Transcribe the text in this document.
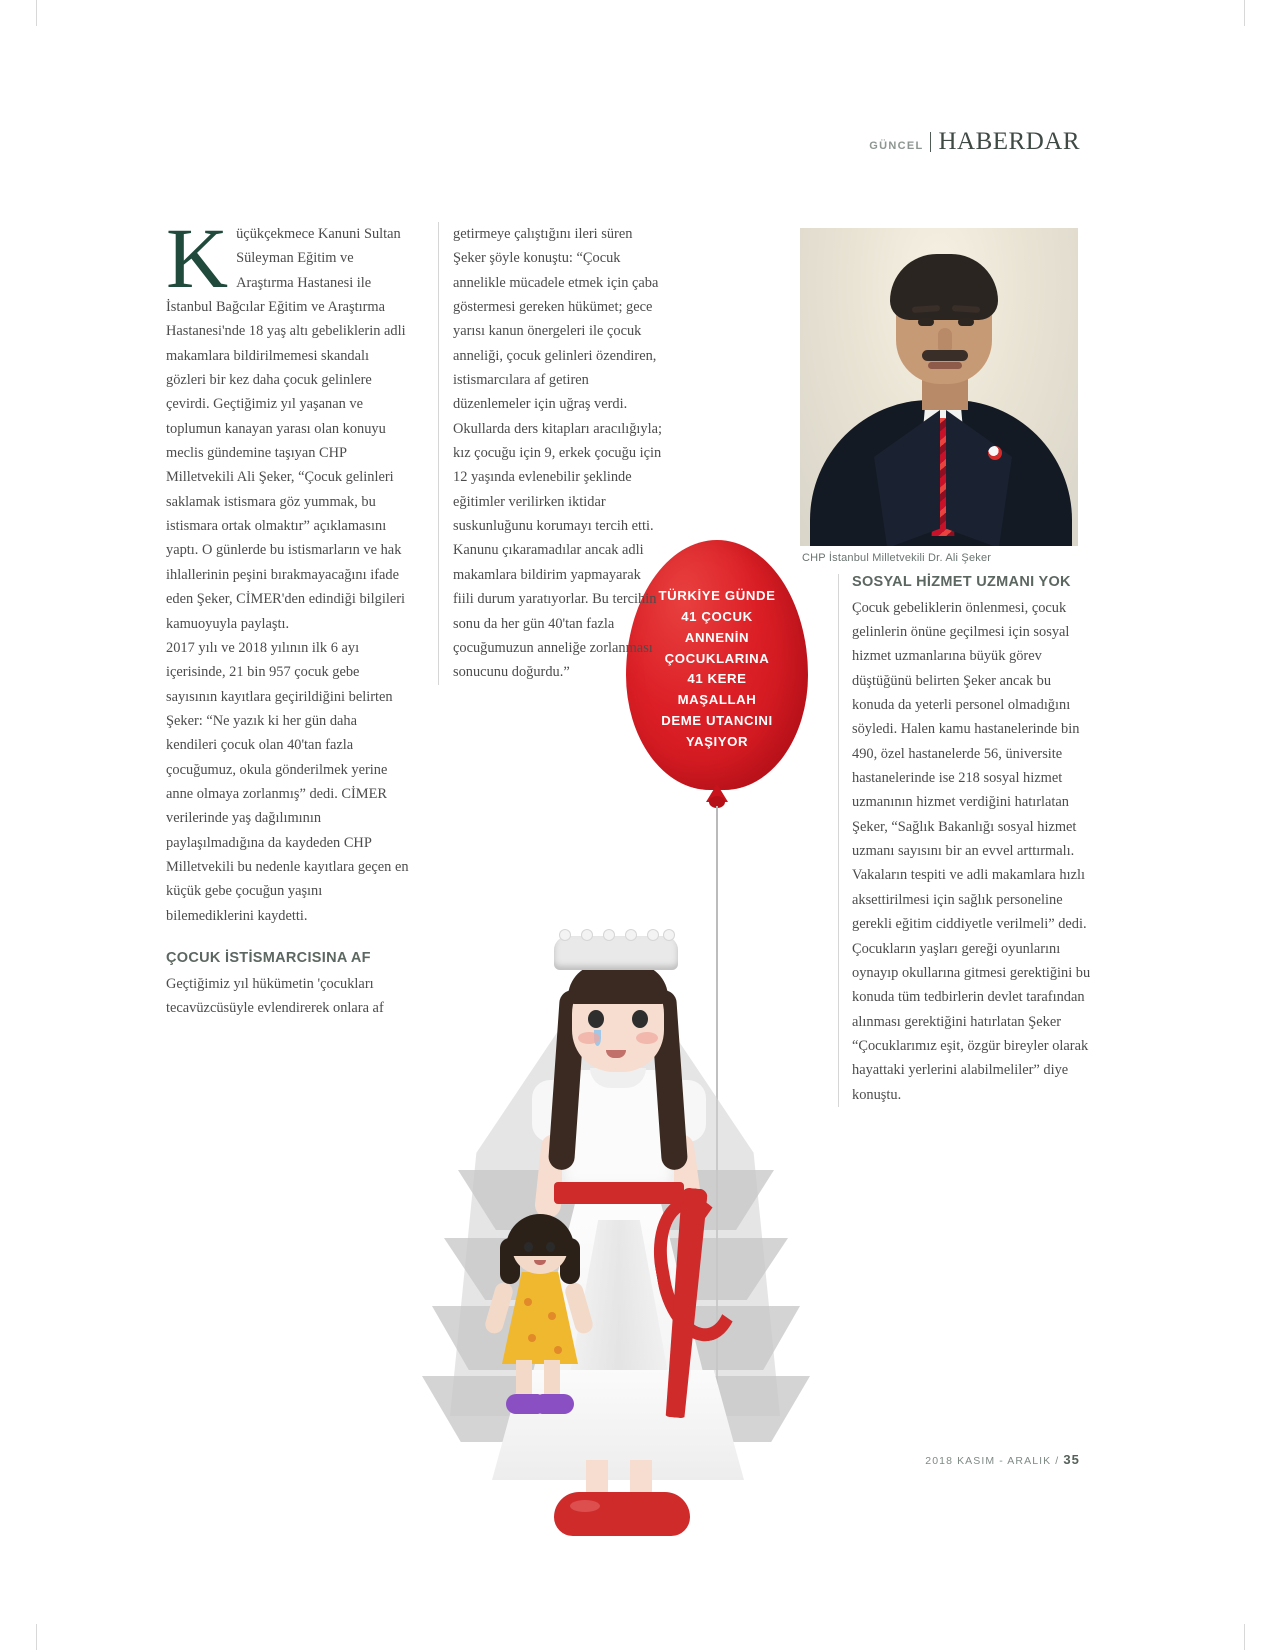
GÜNCEL HABERDAR
CHP İstanbul Milletvekili Dr. Ali Şeker
TÜRKİYE GÜNDE
41 ÇOCUK
ANNENİN
ÇOCUKLARINA
41 KERE
MAŞALLAH
DEME UTANCINI
YAŞIYOR

Küçükçekmece Kanuni Sultan Süleyman Eğitim ve Araştırma Hastanesi ile İstanbul Bağcılar Eğitim ve Araştırma Hastanesi'nde 18 yaş altı gebeliklerin adli makamlara bildirilmemesi skandalı gözleri bir kez daha çocuk gelinlere çevirdi. Geçtiğimiz yıl yaşanan ve toplumun kanayan yarası olan konuyu meclis gündemine taşıyan CHP Milletvekili Ali Şeker, “Çocuk gelinleri saklamak istismara göz yummak, bu istismara ortak olmaktır” açıklamasını yaptı. O günlerde bu istismarların ve hak ihlallerinin peşini bırakmayacağını ifade eden Şeker, CİMER'den edindiği bilgileri kamuoyuyla paylaştı.

2017 yılı ve 2018 yılının ilk 6 ayı içerisinde, 21 bin 957 çocuk gebe sayısının kayıtlara geçirildiğini belirten Şeker: “Ne yazık ki her gün daha kendileri çocuk olan 40'tan fazla çocuğumuz, okula gönderilmek yerine anne olmaya zorlanmış” dedi. CİMER verilerinde yaş dağılımının paylaşılmadığına da kaydeden CHP Milletvekili bu nedenle kayıtlara geçen en küçük gebe çocuğun yaşını bilemediklerini kaydetti.

ÇOCUK İSTİSMARCISINA AF

Geçtiğimiz yıl hükümetin 'çocukları tecavüzcüsüyle evlendirerek onlara af

getirmeye çalıştığını ileri süren Şeker şöyle konuştu: “Çocuk annelikle mücadele etmek için çaba göstermesi gereken hükümet; gece yarısı kanun önergeleri ile çocuk anneliği, çocuk gelinleri özendiren, istismarcılara af getiren düzenlemeler için uğraş verdi. Okullarda ders kitapları aracılığıyla; kız çocuğu için 9, erkek çocuğu için 12 yaşında evlenebilir şeklinde eğitimler verilirken iktidar suskunluğunu korumayı tercih etti. Kanunu çıkaramadılar ancak adli makamlara bildirim yapmayarak fiili durum yaratıyorlar. Bu tercihin sonu da her gün 40'tan fazla çocuğumuzun anneliğe zorlanması sonucunu doğurdu.”

SOSYAL HİZMET UZMANI YOK

Çocuk gebeliklerin önlenmesi, çocuk gelinlerin önüne geçilmesi için sosyal hizmet uzmanlarına büyük görev düştüğünü belirten Şeker ancak bu konuda da yeterli personel olmadığını söyledi. Halen kamu hastanelerinde bin 490, özel hastanelerde 56, üniversite hastanelerinde ise 218 sosyal hizmet uzmanının hizmet verdiğini hatırlatan Şeker, “Sağlık Bakanlığı sosyal hizmet uzmanı sayısını bir an evvel arttırmalı. Vakaların tespiti ve adli makamlara hızlı aksettirilmesi için sağlık personeline gerekli eğitim ciddiyetle verilmeli” dedi. Çocukların yaşları gereği oyunlarını oynayıp okullarına gitmesi gerektiğini bu konuda tüm tedbirlerin devlet tarafından alınması gerektiğini hatırlatan Şeker “Çocuklarımız eşit, özgür bireyler olarak hayattaki yerlerini alabilmeliler” diye konuştu.

2018 KASIM - ARALIK / 35
